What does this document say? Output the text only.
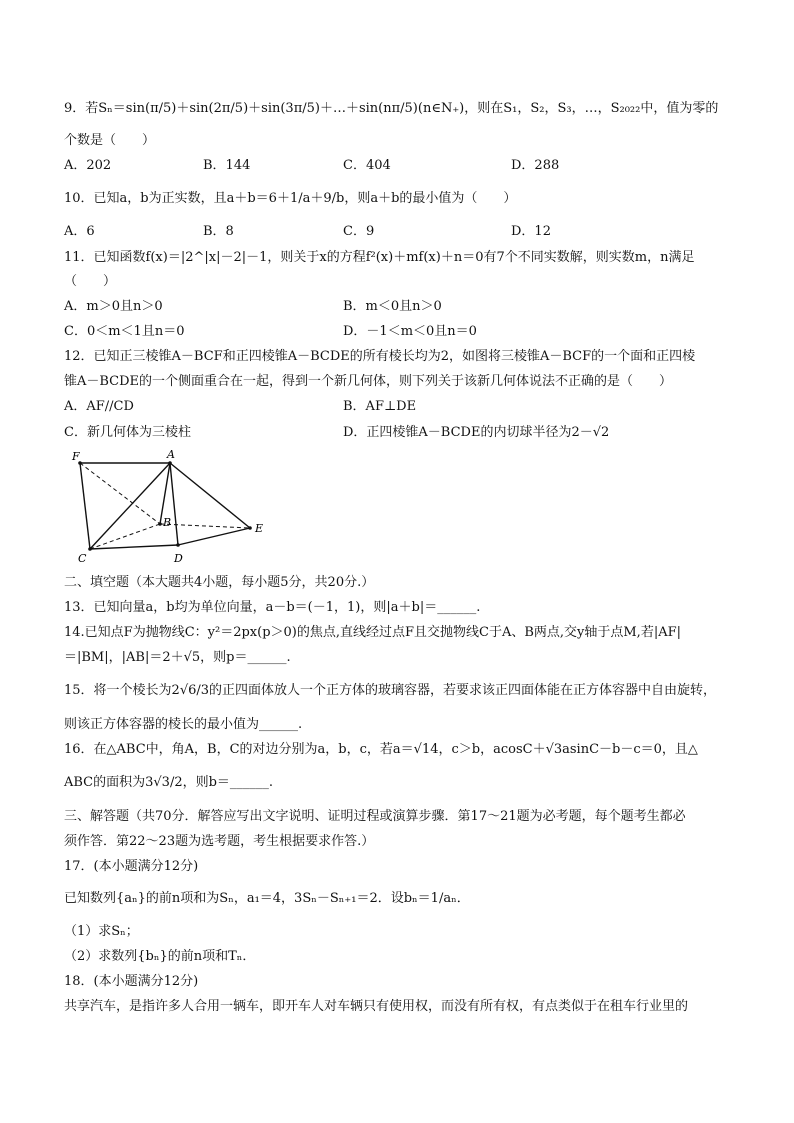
9．若Sₙ＝sin(π/5)＋sin(2π/5)＋sin(3π/5)＋…＋sin(nπ/5)(n∈N₊)，则在S₁，S₂，S₃，…，S₂₀₂₂中，值为零的
个数是（　　）
A．202	B．144	C．404	D．288
10．已知a，b为正实数，且a＋b＝6＋1/a＋9/b，则a＋b的最小值为（　　）
A．6	B．8	C．9	D．12
11．已知函数f(x)＝|2^|x|－2|－1，则关于x的方程f²(x)＋mf(x)＋n＝0有7个不同实数解，则实数m，n满足
（　　）
A．m＞0且n＞0	B．m＜0且n＞0
C．0＜m＜1且n＝0	D．－1＜m＜0且n＝0
12．已知正三棱锥A－BCF和正四棱锥A－BCDE的所有棱长均为2，如图将三棱锥A－BCF的一个面和正四棱
锥A－BCDE的一个侧面重合在一起，得到一个新几何体，则下列关于该新几何体说法不正确的是（　　）
A．AF//CD	B．AF⊥DE
C．新几何体为三棱柱	D．正四棱锥A－BCDE的内切球半径为2－√2
F	A
B
C	D
E
二、填空题（本大题共4小题，每小题5分，共20分.）
13．已知向量a，b均为单位向量，a－b＝(－1，1)，则|a＋b|＝______.
14.已知点F为抛物线C：y²＝2px(p＞0)的焦点,直线经过点F且交抛物线C于A、B两点,交y轴于点M,若|AF|
＝|BM|，|AB|＝2＋√5，则p＝______.
15．将一个棱长为2√6/3的正四面体放人一个正方体的玻璃容器，若要求该正四面体能在正方体容器中自由旋转，
则该正方体容器的棱长的最小值为______.
16．在△ABC中，角A，B，C的对边分别为a，b，c，若a＝√14，c＞b，acosC＋√3asinC－b－c＝0，且△
ABC的面积为3√3/2，则b＝______.
三、解答题（共70分．解答应写出文字说明、证明过程或演算步骤．第17～21题为必考题，每个题考生都必
须作答．第22～23题为选考题，考生根据要求作答.）
17．(本小题满分12分)
已知数列{aₙ}的前n项和为Sₙ，a₁＝4，3Sₙ－Sₙ₊₁＝2．设bₙ＝1/aₙ．
（1）求Sₙ；
（2）求数列{bₙ}的前n项和Tₙ．
18．(本小题满分12分)
共享汽车，是指许多人合用一辆车，即开车人对车辆只有使用权，而没有所有权，有点类似于在租车行业里的
